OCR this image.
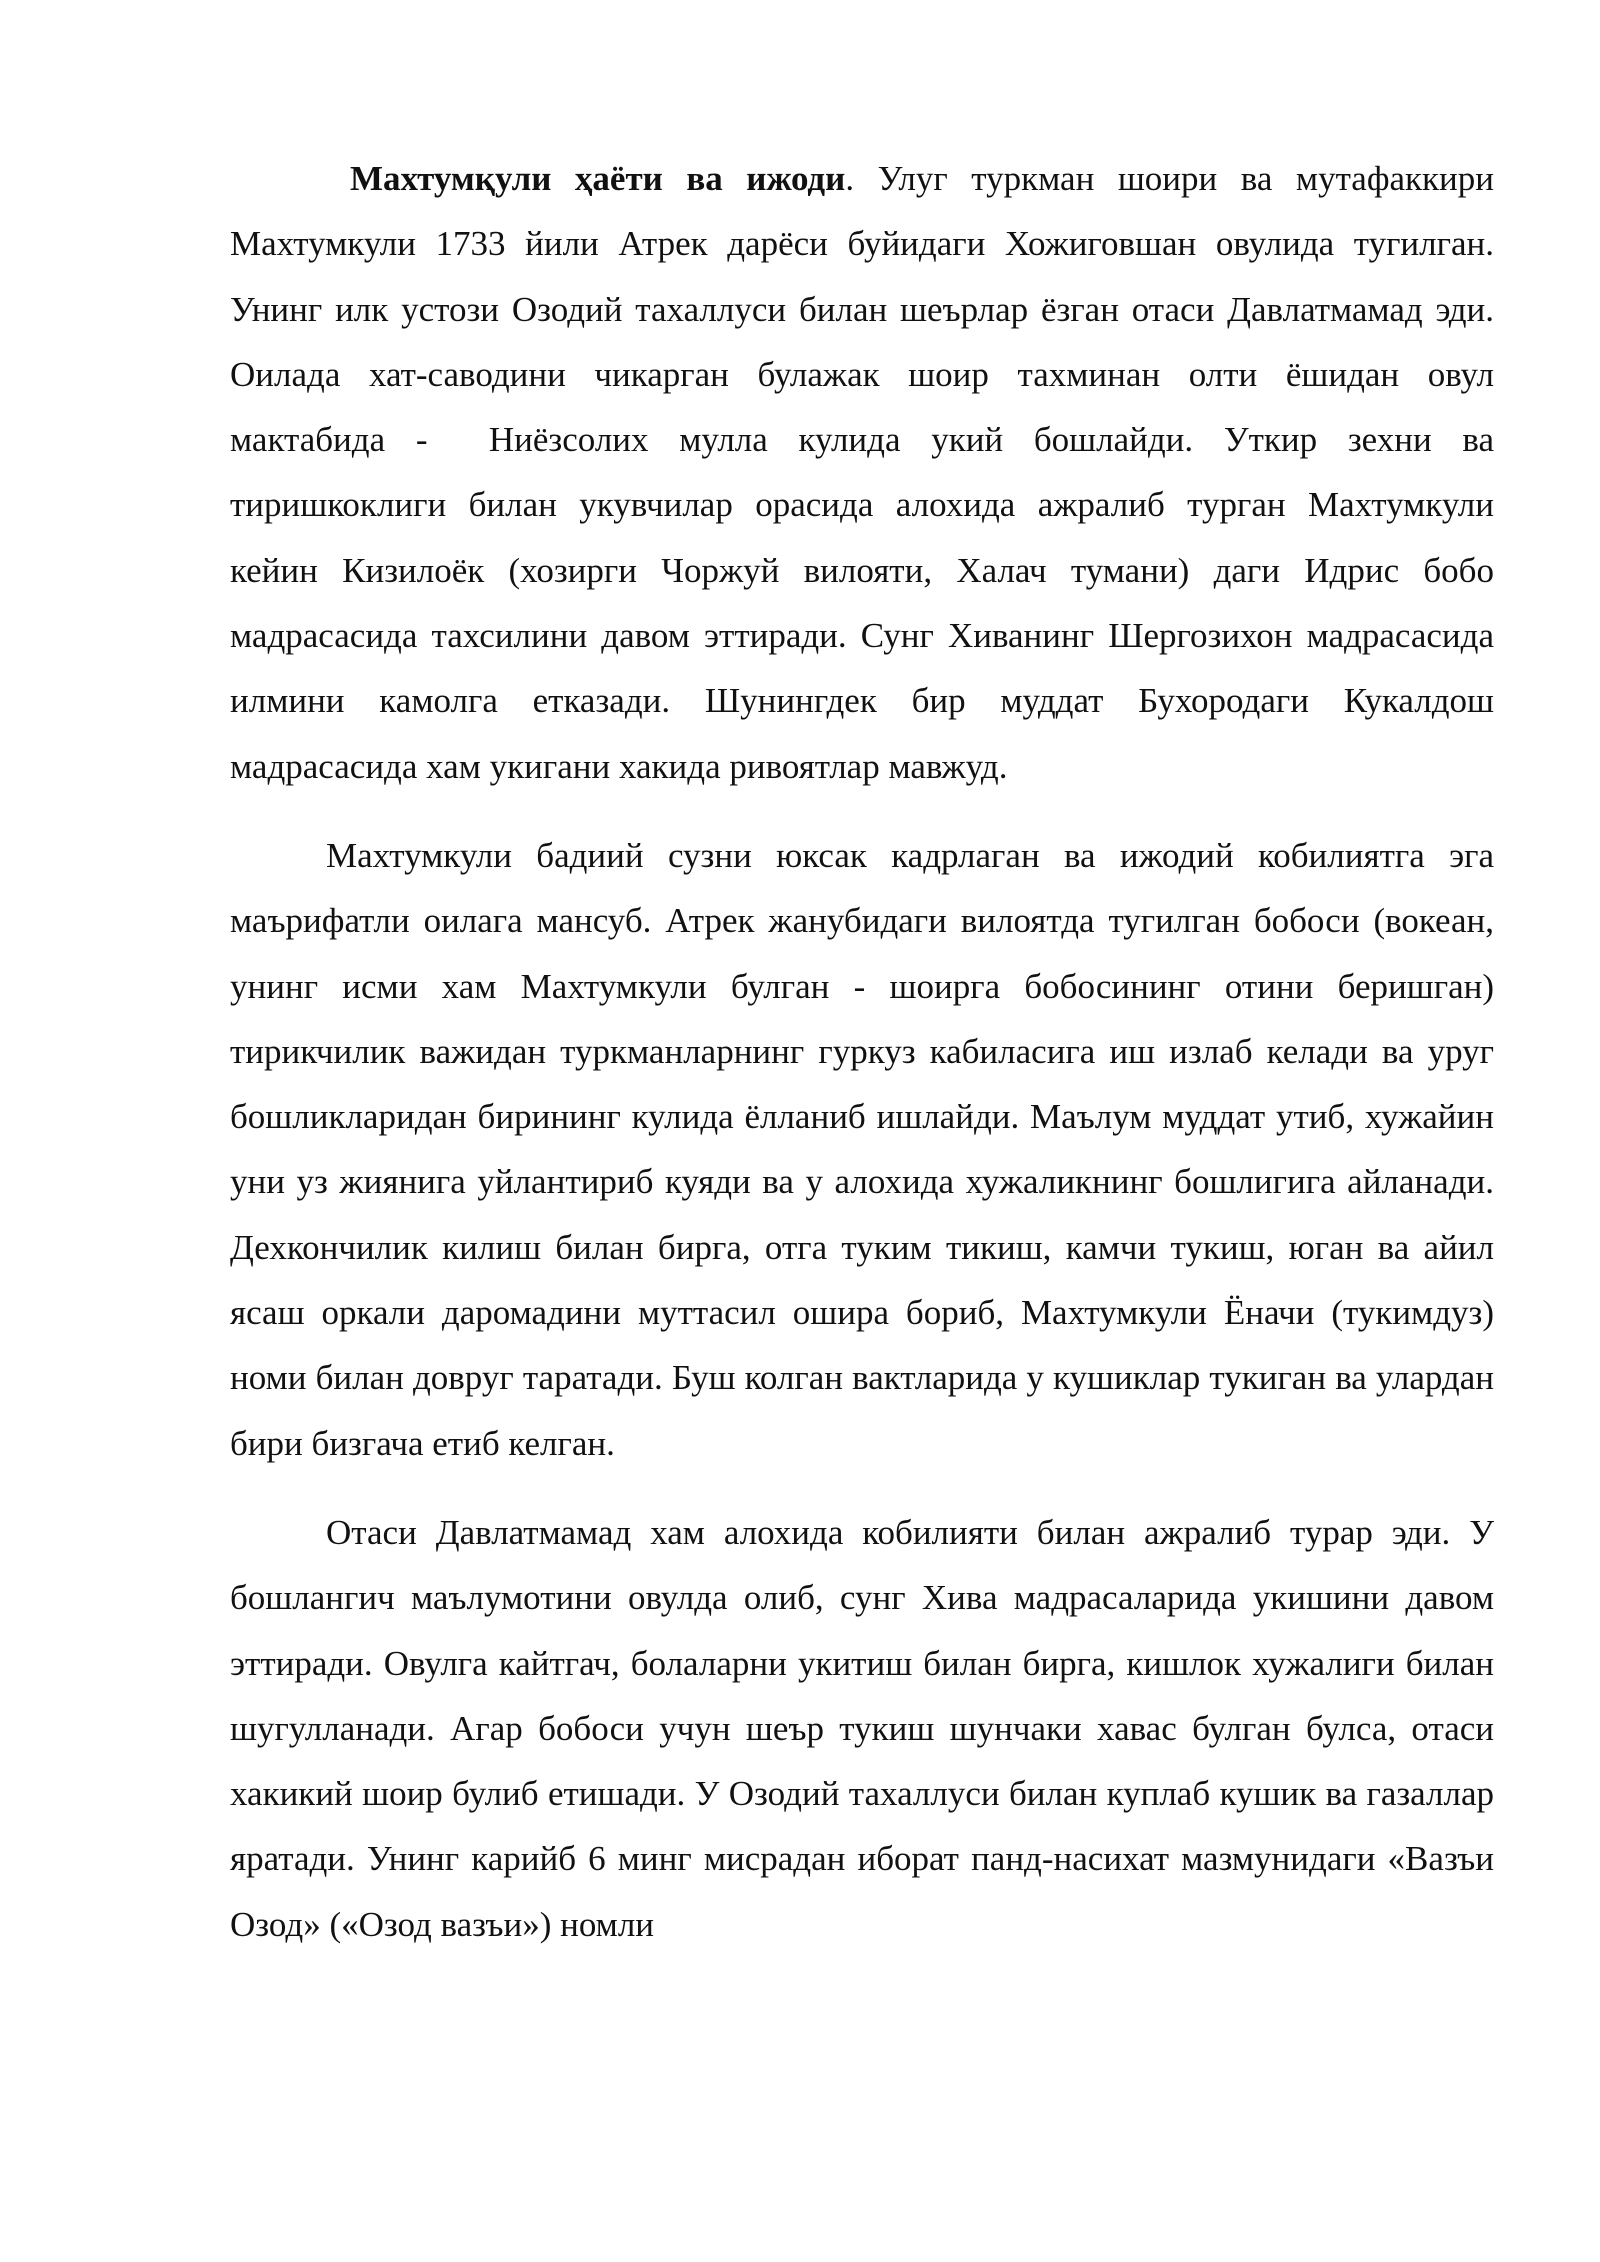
Махтумқули ҳаёти ва ижоди. Улуг туркман шоири ва мутафаккири Махтумкули 1733 йили Атрек дарёси буйидаги Хожиговшан овулида тугилган. Унинг илк устози Озодий тахаллуси билан шеърлар ёзган отаси Давлатмамад эди. Оилада хат-саводини чикарган булажак шоир тахминан олти ёшидан овул мактабида -  Ниёзсолих мулла кулида укий бошлайди. Уткир зехни ва тиришкоклиги билан укувчилар орасида алохида ажралиб турган Махтумкули кейин Кизилоёк (хозирги Чоржуй вилояти, Халач тумани) даги Идрис бобо мадрасасида тахсилини давом эттиради. Сунг Хиванинг Шергозихон мадрасасида илмини камолга етказади. Шунингдек бир муддат Бухородаги Кукалдош мадрасасида хам укигани хакида ривоятлар мавжуд.

Махтумкули бадиий сузни юксак кадрлаган ва ижодий кобилиятга эга маърифатли оилага мансуб. Атрек жанубидаги вилоятда тугилган бобоси (вокеан, унинг исми хам Махтумкули булган - шоирга бобосининг отини беришган) тирикчилик важидан туркманларнинг гуркуз кабиласига иш излаб келади ва уруг бошликларидан бирининг кулида ёлланиб ишлайди. Маълум муддат утиб, хужайин уни уз жиянига уйлантириб куяди ва у алохида хужаликнинг бошлигига айланади. Дехкончилик килиш билан бирга, отга туким тикиш, камчи тукиш, юган ва айил ясаш оркали даромадини муттасил ошира бориб, Махтумкули Ёначи (тукимдуз) номи билан довруг таратади. Буш колган вактларида у кушиклар тукиган ва улардан бири бизгача етиб келган.

Отаси Давлатмамад хам алохида кобилияти билан ажралиб турар эди. У бошлангич маълумотини овулда олиб, сунг Хива мадрасаларида укишини давом эттиради. Овулга кайтгач, болаларни укитиш билан бирга, кишлок хужалиги билан шугулланади. Агар бобоси учун шеър тукиш шунчаки хавас булган булса, отаси хакикий шоир булиб етишади. У Озодий тахаллуси билан куплаб кушик ва газаллар яратади. Унинг карийб 6 минг мисрадан иборат панд-насихат мазмунидаги «Вазъи Озод» («Озод вазъи») номли
